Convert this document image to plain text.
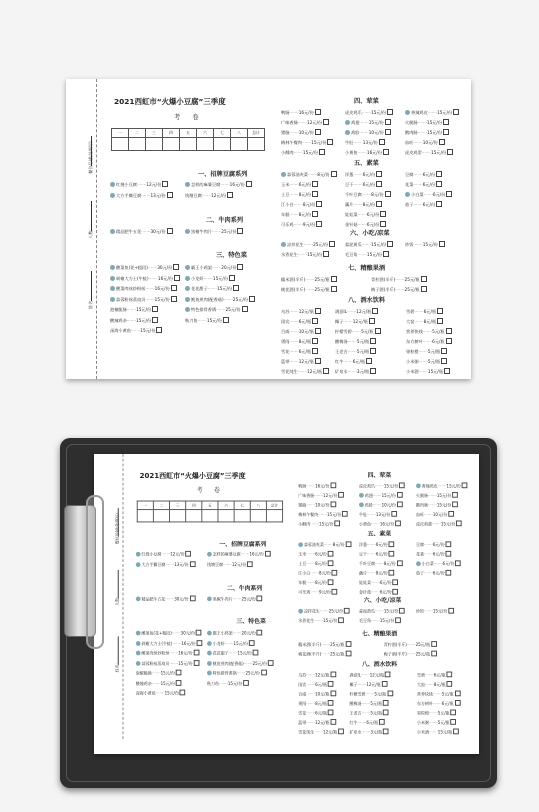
2021西虹市“火爆小豆腐”三季度
考 卷
一	二	三	四	五	六	七	八	总计

餐位号(此处填写)
人数：
姓名：
一、招牌豆腐系列
红烧小豆腐·······12元/份
大方手撕豆腐·······13元/份
怎样的麻婆豆腐·······16元/份
钱塘豆腐·······12元/份
二、牛肉系列
精品肥牛五花·······30元/份	黑椒牛肉片·······25元/份
三、特色菜
酸菜鱼(花+粗段)·······30元/份
剁椒大力士(牛蛙)·······16元/份
酸菜肉丝炒粉丝·······16元/份
蒜蓉粉丝蒸扇贝·······15元/份
泡椒脆肠·······15元/份
酸辣鸡杂·······15元/份
深海小黄鱼·······15元/份
霸王小鸡架·······20元/份
小龙虾·······15元/份
花花甜子·······15元/份
鱿鱼煎肉(配香菇)·······25元/份
特色排骨香锅·······25元/份
秋刀鱼·······15元/份
四、荤菜
鸭肠·······16元/份
广味香肠·······12元/份
猪脑·······10元/份
梅林午餐肉·······15元/份
小酥肉·······15元/份
虎皮鸡爪·······15元/份
鸡翅·······15元/份
鸡胗·······10元/份
牛肚·······13元/份
小黄鱼·······16元/份
香辣鸡皮·······15元/份
火腿肠·······15元/份
鹅肉肠·······15元/份
血旺·······10元/份
虎皮鸡蛋·······15元/份
五、素菜
蒜蓉油麦菜·······8元/份
玉米·······6元/份
土豆·······8元/份
江小白·······8元/份
年糕·······8元/份
可乐鸡·······9元/份
洋葱·······6元/份
豆干·······6元/份
千叶豆腐·······8元/份
藕片·······8元/份
娃娃菜·······6元/份
金针菇·······6元/份
豆腐·······6元/份
花菜·······6元/份
小白菜·······6元/份
茄子·······6元/份
六、小吃/凉菜
凉拌花生·······25元/份
水煮花生·······15元/份
蒜泥黄瓜·······15元/份
毛豆角·······15元/份
炒饭·······15元/份
七、精酿果酒
糯米酒(半斤)·······25元/瓶
桃花酒(半斤)·······25元/瓶
青柠酒(半斤)·······25元/瓶
梅子酒(半斤)·······25元/瓶
八、酒水饮料
乌苏·······12元/瓶
国宾·······6元/瓶
百威·······10元/瓶
勇闯·······8元/瓶
雪花·······6元/瓶
蓝带·······12元/瓶
雪花纯生·······12元/瓶
满意IL·······12元/瓶
椰子·······12元/瓶
柠檬雪碧·······5元/瓶
酸梅汤·······5元/瓶
王老吉·······5元/瓶
红牛·······6元/瓶
矿泉水·······3元/瓶
雪碧·······6元/瓶
大窑·······8元/瓶
营养快线·······5元/瓶
东方树叶·······6元/瓶
果粒橙·······5元/瓶
小米粥·······5元/瓶
小米酒·······15元/瓶
2021西虹市“火爆小豆腐”三季度
考 卷
一	二	三	四	五	六	七	八	总计

餐位号(此处填写)
人数：
姓名：
一、招牌豆腐系列
红烧小豆腐·······12元/份
大方手撕豆腐·······13元/份
怎样的麻婆豆腐·······16元/份
钱塘豆腐·······12元/份
二、牛肉系列
精品肥牛五花·······30元/份	黑椒牛肉片·······25元/份
三、特色菜
酸菜鱼(花+粗段)·······30元/份
剁椒大力士(牛蛙)·······16元/份
酸菜肉丝炒粉丝·······16元/份
蒜蓉粉丝蒸扇贝·······15元/份
泡椒脆肠·······15元/份
酸辣鸡杂·······15元/份
深海小黄鱼·······15元/份
霸王小鸡架·······20元/份
小龙虾·······15元/份
花花甜子·······15元/份
鱿鱼煎肉(配香菇)·······25元/份
特色排骨香锅·······25元/份
秋刀鱼·······15元/份
四、荤菜
鸭肠·······16元/份
广味香肠·······12元/份
猪脑·······10元/份
梅林午餐肉·······15元/份
小酥肉·······15元/份
虎皮鸡爪·······15元/份
鸡翅·······15元/份
鸡胗·······10元/份
牛肚·······13元/份
小黄鱼·······16元/份
香辣鸡皮·······15元/份
火腿肠·······15元/份
鹅肉肠·······15元/份
血旺·······10元/份
虎皮鸡蛋·······15元/份
五、素菜
蒜蓉油麦菜·······8元/份
玉米·······6元/份
土豆·······8元/份
江小白·······8元/份
年糕·······8元/份
可乐鸡·······9元/份
洋葱·······6元/份
豆干·······6元/份
千叶豆腐·······8元/份
藕片·······8元/份
娃娃菜·······6元/份
金针菇·······6元/份
豆腐·······6元/份
花菜·······6元/份
小白菜·······6元/份
茄子·······6元/份
六、小吃/凉菜
凉拌花生·······25元/份
水煮花生·······15元/份
蒜泥黄瓜·······15元/份
毛豆角·······15元/份
炒饭·······15元/份
七、精酿果酒
糯米酒(半斤)·······25元/瓶
桃花酒(半斤)·······25元/瓶
青柠酒(半斤)·······25元/瓶
梅子酒(半斤)·······25元/瓶
八、酒水饮料
乌苏·······12元/瓶
国宾·······6元/瓶
百威·······10元/瓶
勇闯·······8元/瓶
雪花·······6元/瓶
蓝带·······12元/瓶
雪花纯生·······12元/瓶
满意IL·······12元/瓶
椰子·······12元/瓶
柠檬雪碧·······5元/瓶
酸梅汤·······5元/瓶
王老吉·······5元/瓶
红牛·······6元/瓶
矿泉水·······3元/瓶
雪碧·······6元/瓶
大窑·······8元/瓶
营养快线·······5元/瓶
东方树叶·······6元/瓶
果粒橙·······5元/瓶
小米粥·······5元/瓶
小米酒·······15元/瓶
